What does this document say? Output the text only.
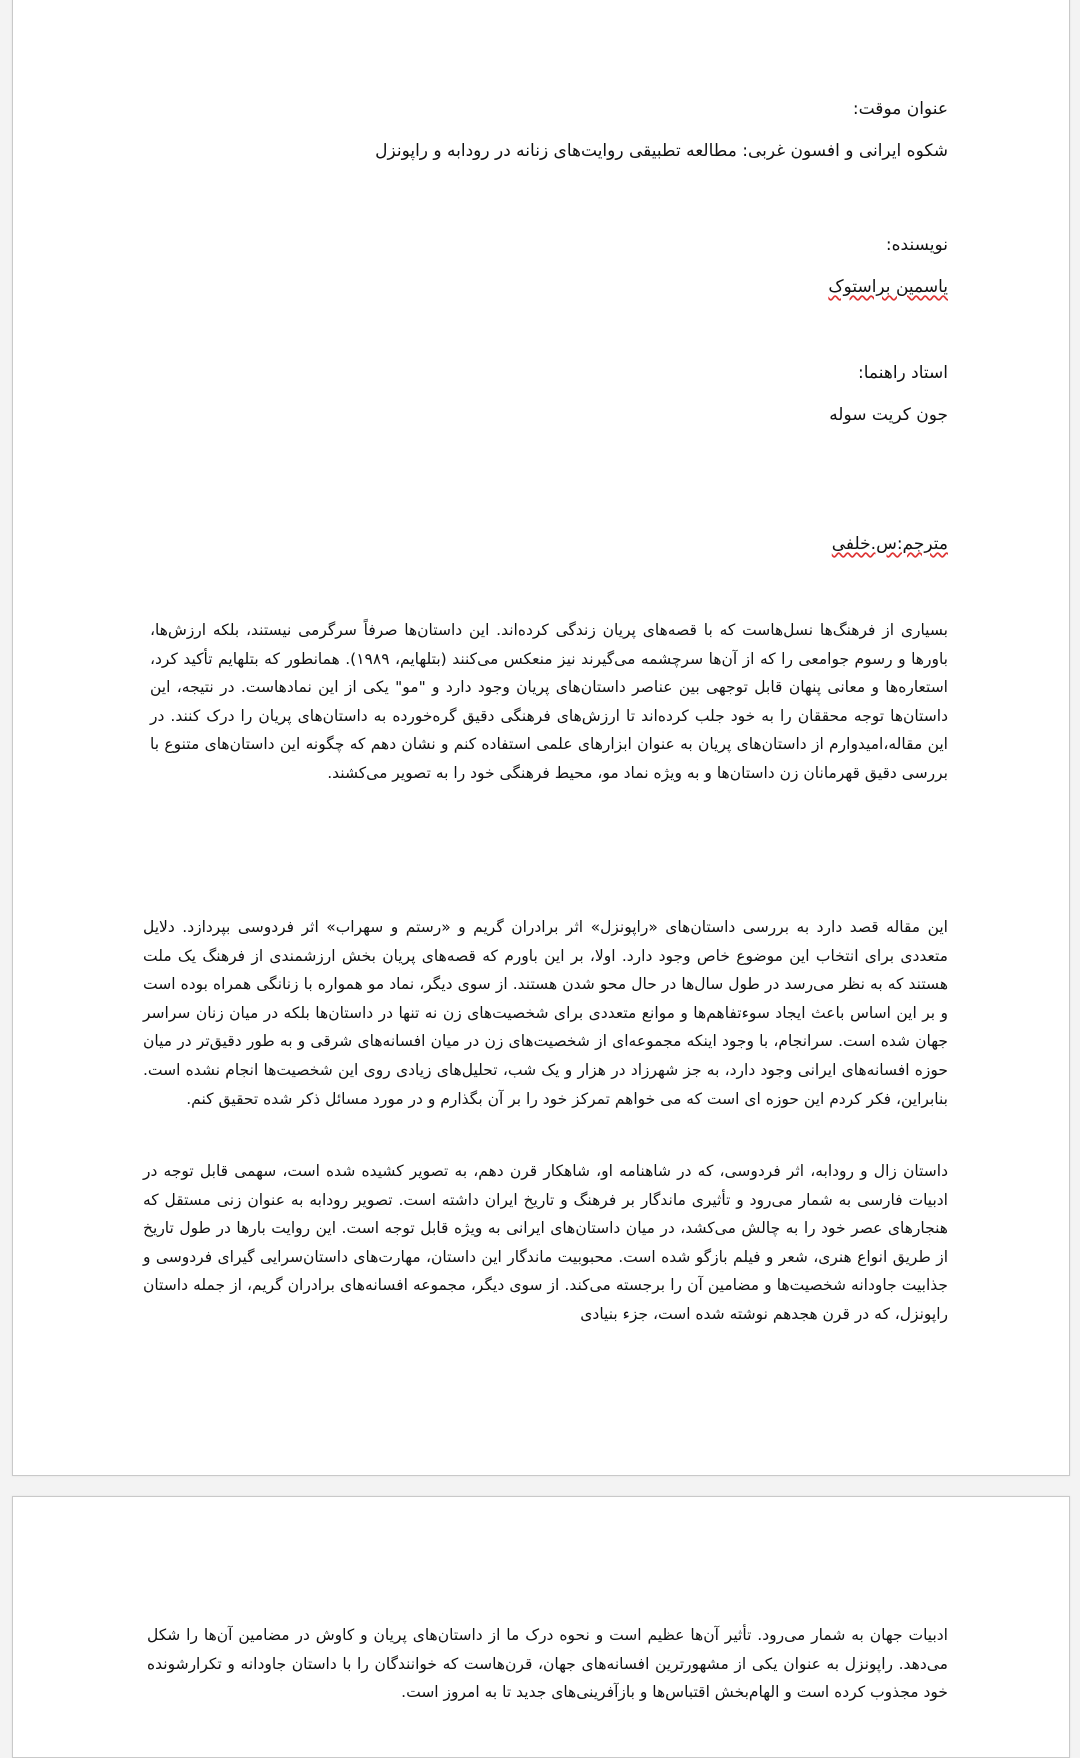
عنوان موقت:

شکوه ایرانی و افسون غربی: مطالعه تطبیقی روایت‌های زنانه در رودابه و راپونزل

نویسنده:

یاسمین براستوک

استاد راهنما:

جون کریت سوله

مترجم:س.خلفی

بسیاری از فرهنگ‌ها نسل‌هاست که با قصه‌های پریان زندگی کرده‌اند. این داستان‌ها صرفاً سرگرمی نیستند، بلکه ارزش‌ها، باورها و رسوم جوامعی را که از آن‌ها سرچشمه می‌گیرند نیز منعکس می‌کنند (بتلهایم، ۱۹۸۹). همانطور که بتلهایم تأکید کرد، استعاره‌ها و معانی پنهان قابل توجهی بین عناصر داستان‌های پریان وجود دارد و "مو" یکی از این نمادهاست. در نتیجه، این داستان‌ها توجه محققان را به خود جلب کرده‌اند تا ارزش‌های فرهنگی دقیق گره‌خورده به داستان‌های پریان را درک کنند. در این مقاله،امیدوارم از داستان‌های پریان به عنوان ابزارهای علمی استفاده کنم و نشان دهم که چگونه این داستان‌های متنوع با بررسی دقیق قهرمانان زن داستان‌ها و به ویژه نماد مو، محیط فرهنگی خود را به تصویر می‌کشند.

این مقاله قصد دارد به بررسی داستان‌های «راپونزل» اثر برادران گریم و «رستم و سهراب» اثر فردوسی بپردازد. دلایل متعددی برای انتخاب این موضوع خاص وجود دارد. اولا، بر این باورم که قصه‌های پریان بخش ارزشمندی از فرهنگ یک ملت هستند که به نظر می‌رسد در طول سال‌ها در حال محو شدن هستند. از سوی دیگر، نماد مو همواره با زنانگی همراه بوده است و بر این اساس باعث ایجاد سوءتفاهم‌ها و موانع متعددی برای شخصیت‌های زن نه تنها در داستان‌ها بلکه در میان زنان سراسر جهان شده است. سرانجام، با وجود اینکه مجموعه‌ای از شخصیت‌های زن در میان افسانه‌های شرقی و به طور دقیق‌تر در میان حوزه افسانه‌های ایرانی وجود دارد، به جز شهرزاد در هزار و یک شب، تحلیل‌های زیادی روی این شخصیت‌ها انجام نشده است. بنابراین، فکر کردم این حوزه ای است که می خواهم تمرکز خود را بر آن بگذارم و در مورد مسائل ذکر شده تحقیق کنم.

داستان زال و رودابه، اثر فردوسی، که در شاهنامه او، شاهکار قرن دهم، به تصویر کشیده شده است، سهمی قابل توجه در ادبیات فارسی به شمار می‌رود و تأثیری ماندگار بر فرهنگ و تاریخ ایران داشته است. تصویر رودابه به عنوان زنی مستقل که هنجارهای عصر خود را به چالش می‌کشد، در میان داستان‌های ایرانی به ویژه قابل توجه است. این روایت بارها در طول تاریخ از طریق انواع هنری، شعر و فیلم بازگو شده است. محبوبیت ماندگار این داستان، مهارت‌های داستان‌سرایی گیرای فردوسی و جذابیت جاودانه شخصیت‌ها و مضامین آن را برجسته می‌کند. از سوی دیگر، مجموعه افسانه‌های برادران گریم، از جمله داستان راپونزل، که در قرن هجدهم نوشته شده است، جزء بنیادی

ادبیات جهان به شمار می‌رود. تأثیر آن‌ها عظیم است و نحوه درک ما از داستان‌های پریان و کاوش در مضامین آن‌ها را شکل می‌دهد. راپونزل به عنوان یکی از مشهورترین افسانه‌های جهان، قرن‌هاست که خوانندگان را با داستان جاودانه و تکرارشونده خود مجذوب کرده است و الهام‌بخش اقتباس‌ها و بازآفرینی‌های جدید تا به امروز است.
